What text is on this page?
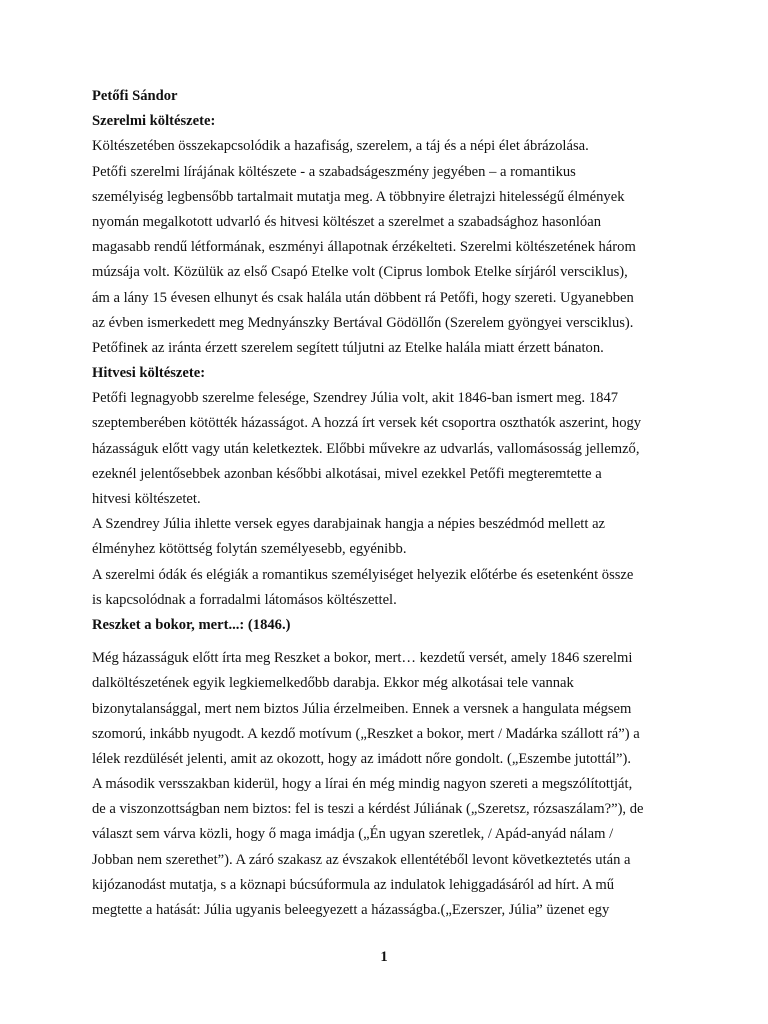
Petőfi Sándor
Szerelmi költészete:
Költészetében összekapcsolódik a hazafiság, szerelem, a táj és a népi élet ábrázolása.
Petőfi szerelmi lírájának költészete - a szabadságeszmény jegyében – a romantikus
személyiség legbensőbb tartalmait mutatja meg. A többnyire életrajzi hitelességű élmények
nyomán megalkotott udvarló és hitvesi költészet a szerelmet a szabadsághoz hasonlóan
magasabb rendű létformának, eszményi állapotnak érzékelteti. Szerelmi költészetének három
múzsája volt. Közülük az első Csapó Etelke volt (Ciprus lombok Etelke sírjáról versciklus),
ám a lány 15 évesen elhunyt és csak halála után döbbent rá Petőfi, hogy szereti. Ugyanebben
az évben ismerkedett meg Mednyánszky Bertával Gödöllőn (Szerelem gyöngyei versciklus).
Petőfinek az iránta érzett szerelem segített túljutni az Etelke halála miatt érzett bánaton.
Hitvesi költészete:
Petőfi legnagyobb szerelme felesége, Szendrey Júlia volt, akit 1846-ban ismert meg. 1847
szeptemberében kötötték házasságot. A hozzá írt versek két csoportra oszthatók aszerint, hogy
házasságuk előtt vagy után keletkeztek. Előbbi művekre az udvarlás, vallomásosság jellemző,
ezeknél jelentősebbek azonban későbbi alkotásai, mivel ezekkel Petőfi megteremtette a
hitvesi költészetet.
A Szendrey Júlia ihlette versek egyes darabjainak hangja a népies beszédmód mellett az
élményhez kötöttség folytán személyesebb, egyénibb.
A szerelmi ódák és elégiák a romantikus személyiséget helyezik előtérbe és esetenként össze
is kapcsolódnak a forradalmi látomásos költészettel.
Reszket a bokor, mert...: (1846.)
Még házasságuk előtt írta meg Reszket a bokor, mert… kezdetű versét, amely 1846 szerelmi
dalköltészetének egyik legkiemelkedőbb darabja. Ekkor még alkotásai tele vannak
bizonytalansággal, mert nem biztos Júlia érzelmeiben. Ennek a versnek a hangulata mégsem
szomorú, inkább nyugodt. A kezdő motívum („Reszket a bokor, mert / Madárka szállott rá”) a
lélek rezdülését jelenti, amit az okozott, hogy az imádott nőre gondolt. („Eszembe jutottál”).
A második versszakban kiderül, hogy a lírai én még mindig nagyon szereti a megszólítottját,
de a viszonzottságban nem biztos: fel is teszi a kérdést Júliának („Szeretsz, rózsaszálam?”), de
választ sem várva közli, hogy ő maga imádja („Én ugyan szeretlek, / Apád-anyád nálam /
Jobban nem szerethet”). A záró szakasz az évszakok ellentétéből levont következtetés után a
kijózanodást mutatja, s a köznapi búcsúformula az indulatok lehiggadásáról ad hírt. A mű
megtette a hatását: Júlia ugyanis beleegyezett a házasságba.(„Ezerszer, Júlia” üzenet egy
1
